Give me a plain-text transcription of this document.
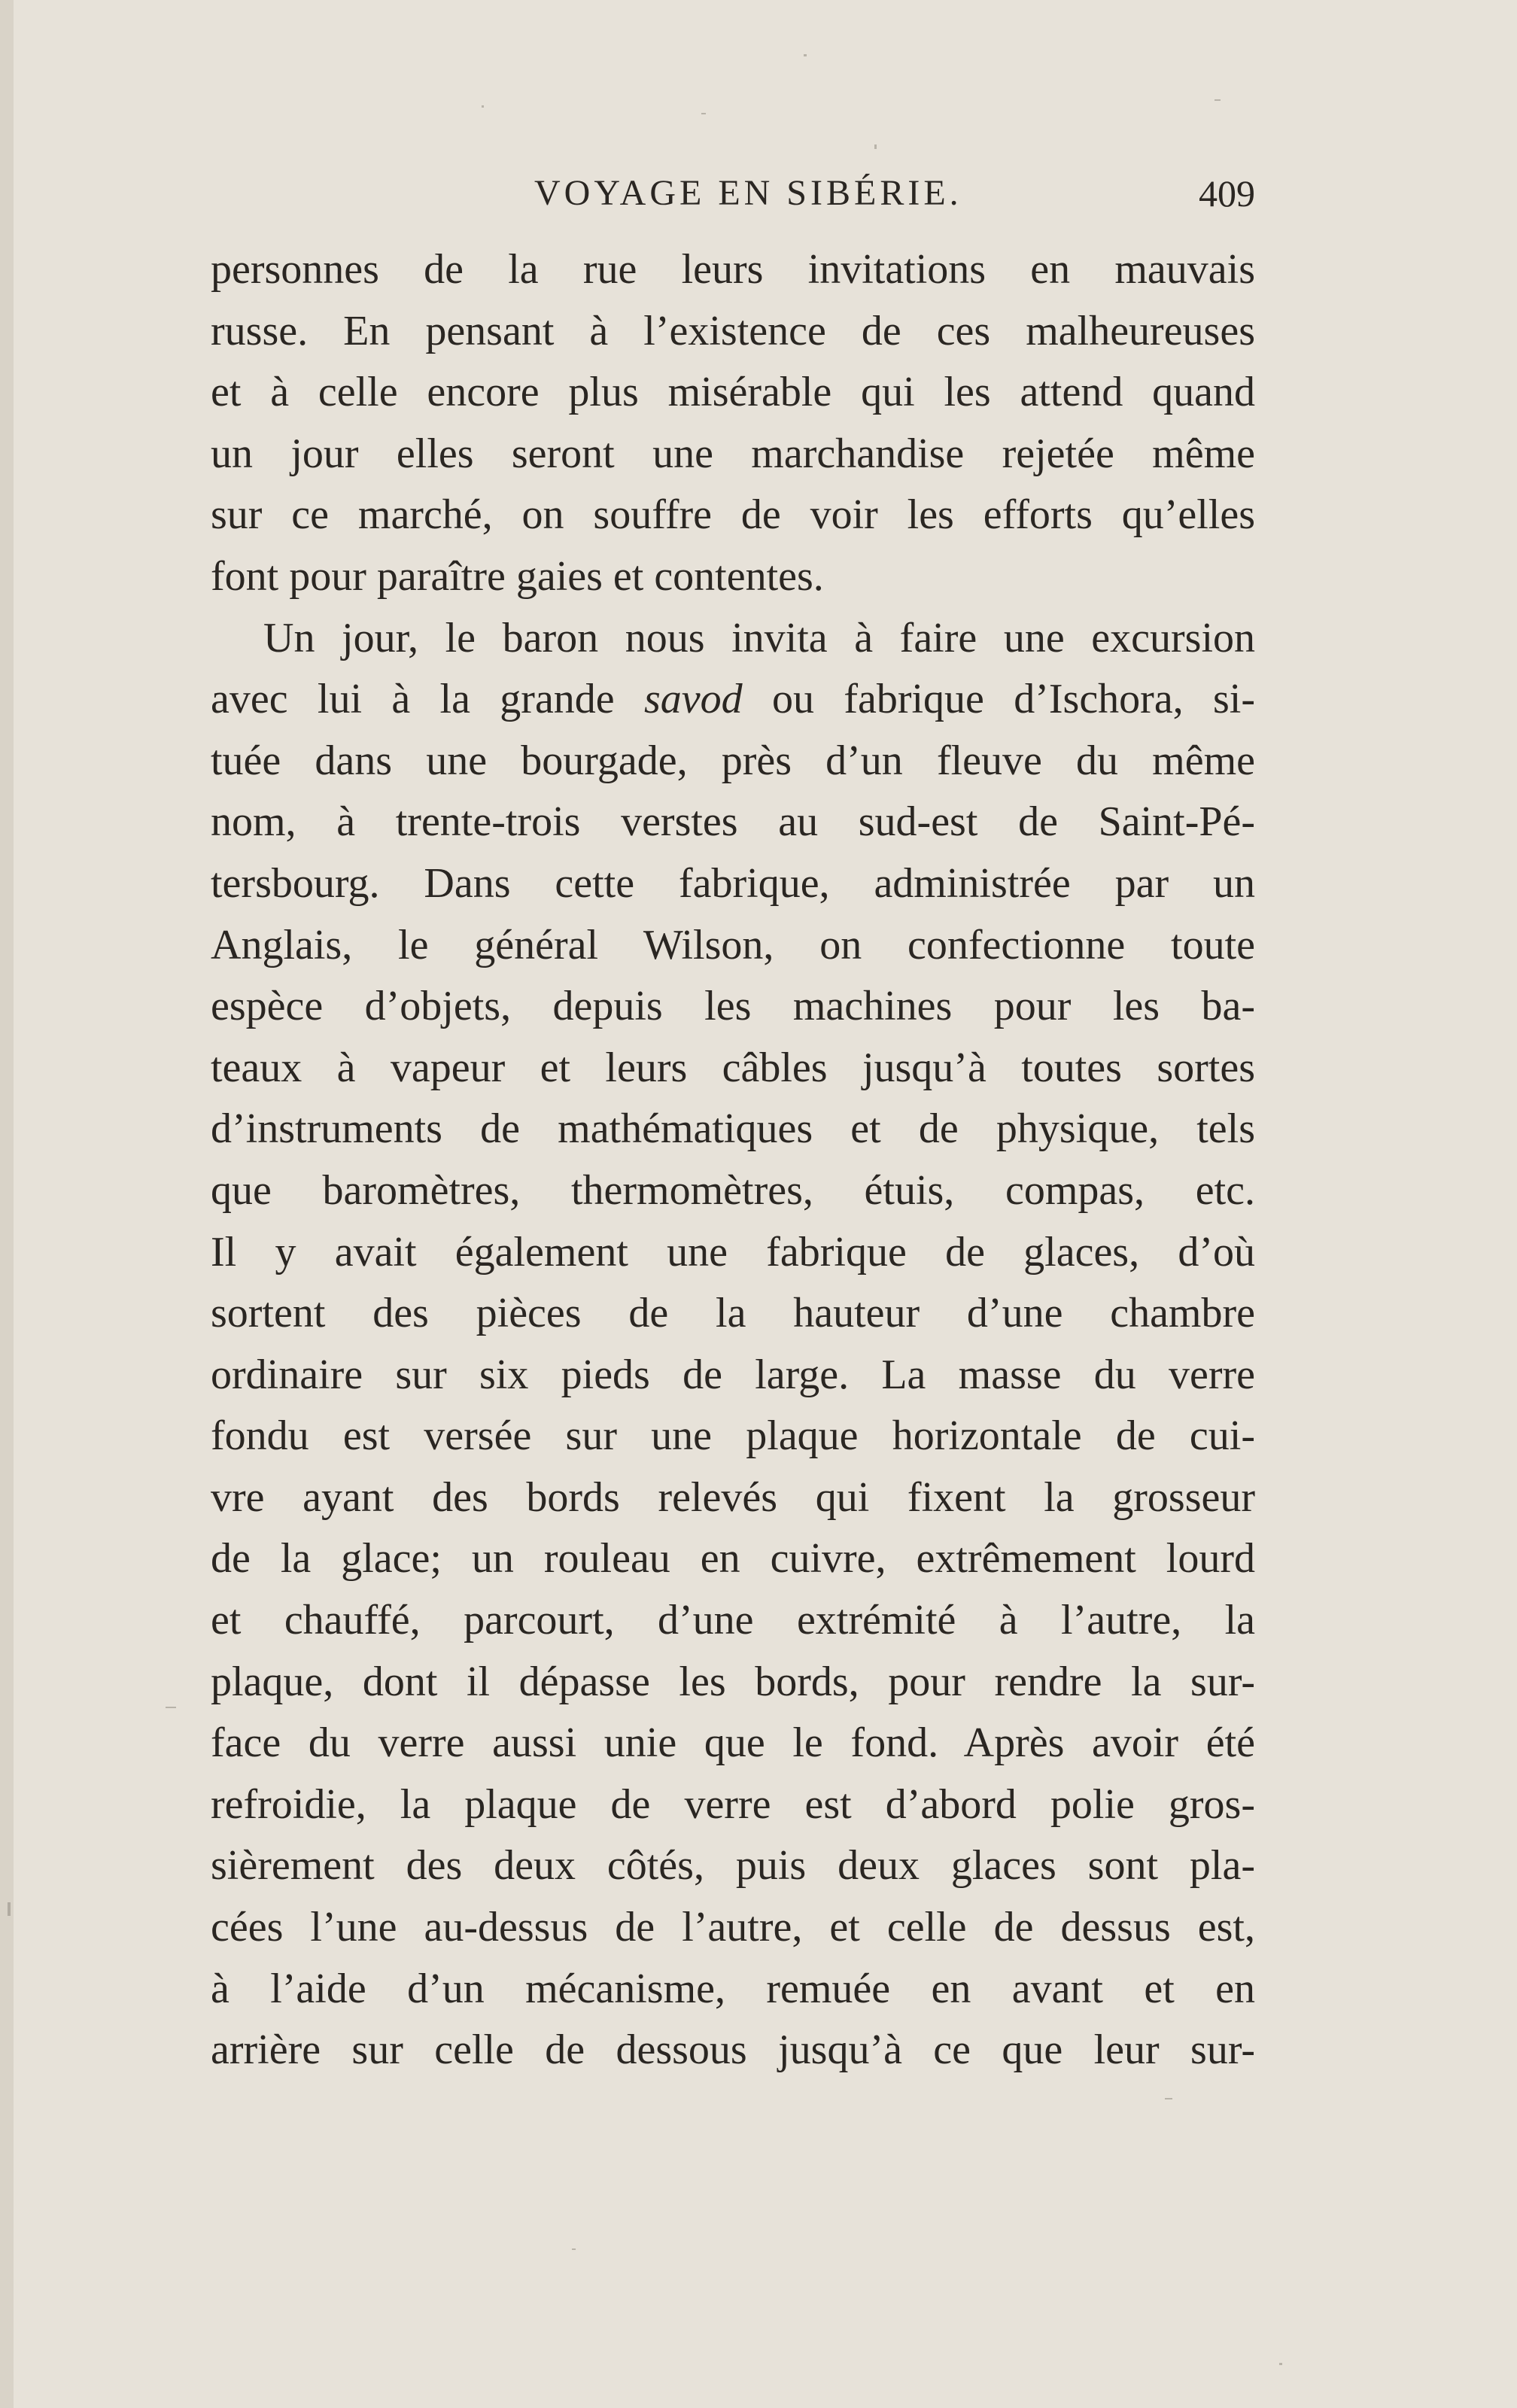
VOYAGE EN SIBÉRIE.	409
personnes de la rue leurs invitations en mauvais
russe. En pensant à l’existence de ces malheureuses
et à celle encore plus misérable qui les attend quand
un jour elles seront une marchandise rejetée même
sur ce marché, on souffre de voir les efforts qu’elles
font pour paraître gaies et contentes.
Un jour, le baron nous invita à faire une excursion
avec lui à la grande savod ou fabrique d’Ischora, si-
tuée dans une bourgade, près d’un fleuve du même
nom, à trente-trois verstes au sud-est de Saint-Pé-
tersbourg. Dans cette fabrique, administrée par un
Anglais, le général Wilson, on confectionne toute
espèce d’objets, depuis les machines pour les ba-
teaux à vapeur et leurs câbles jusqu’à toutes sortes
d’instruments de mathématiques et de physique, tels
que baromètres, thermomètres, étuis, compas, etc.
Il y avait également une fabrique de glaces, d’où
sortent des pièces de la hauteur d’une chambre
ordinaire sur six pieds de large. La masse du verre
fondu est versée sur une plaque horizontale de cui-
vre ayant des bords relevés qui fixent la grosseur
de la glace; un rouleau en cuivre, extrêmement lourd
et chauffé, parcourt, d’une extrémité à l’autre, la
plaque, dont il dépasse les bords, pour rendre la sur-
face du verre aussi unie que le fond. Après avoir été
refroidie, la plaque de verre est d’abord polie gros-
sièrement des deux côtés, puis deux glaces sont pla-
cées l’une au-dessus de l’autre, et celle de dessus est,
à l’aide d’un mécanisme, remuée en avant et en
arrière sur celle de dessous jusqu’à ce que leur sur-
